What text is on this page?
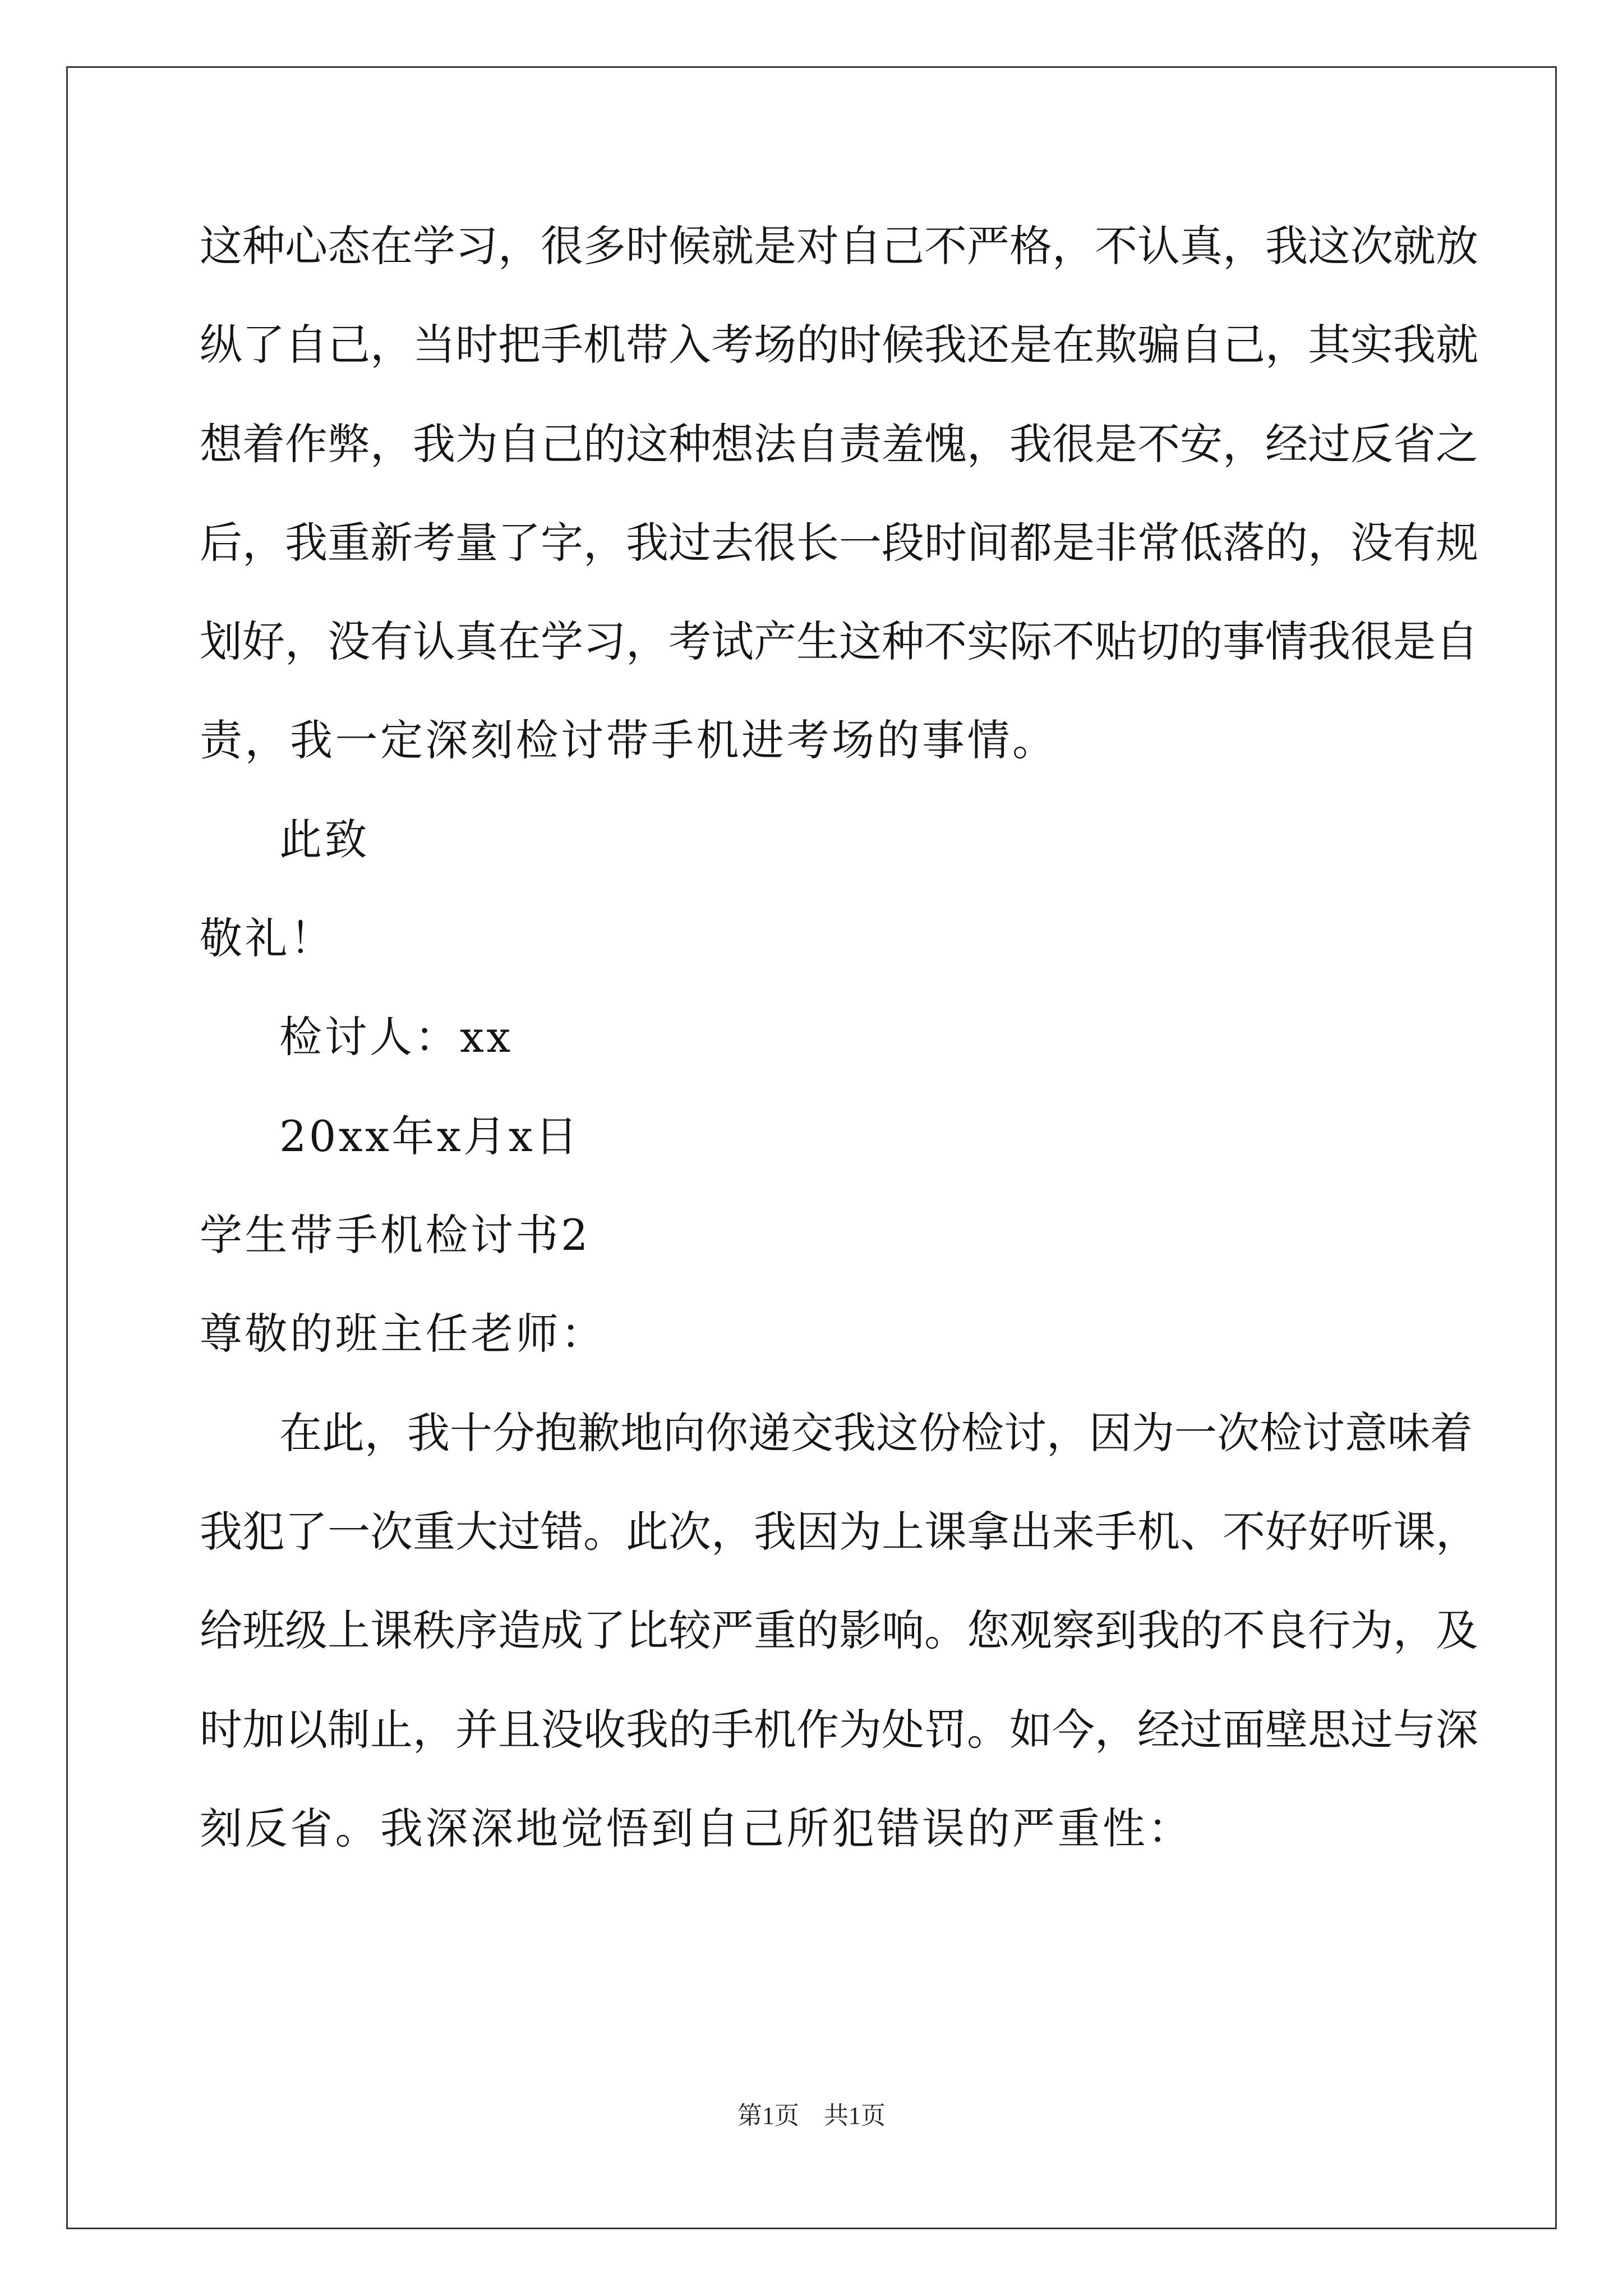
这种心态在学习，很多时候就是对自己不严格，不认真，我这次就放
纵了自己，当时把手机带入考场的时候我还是在欺骗自己，其实我就
想着作弊，我为自己的这种想法自责羞愧，我很是不安，经过反省之
后，我重新考量了字，我过去很长一段时间都是非常低落的，没有规
划好，没有认真在学习，考试产生这种不实际不贴切的事情我很是自
责，我一定深刻检讨带手机进考场的事情。
此致
敬礼！
检讨人：xx
20xx年x月x日
学生带手机检讨书2
尊敬的班主任老师：
在此，我十分抱歉地向你递交我这份检讨，因为一次检讨意味着
我犯了一次重大过错。此次，我因为上课拿出来手机、不好好听课，
给班级上课秩序造成了比较严重的影响。您观察到我的不良行为，及
时加以制止，并且没收我的手机作为处罚。如今，经过面壁思过与深
刻反省。我深深地觉悟到自己所犯错误的严重性：
第1页　共1页
